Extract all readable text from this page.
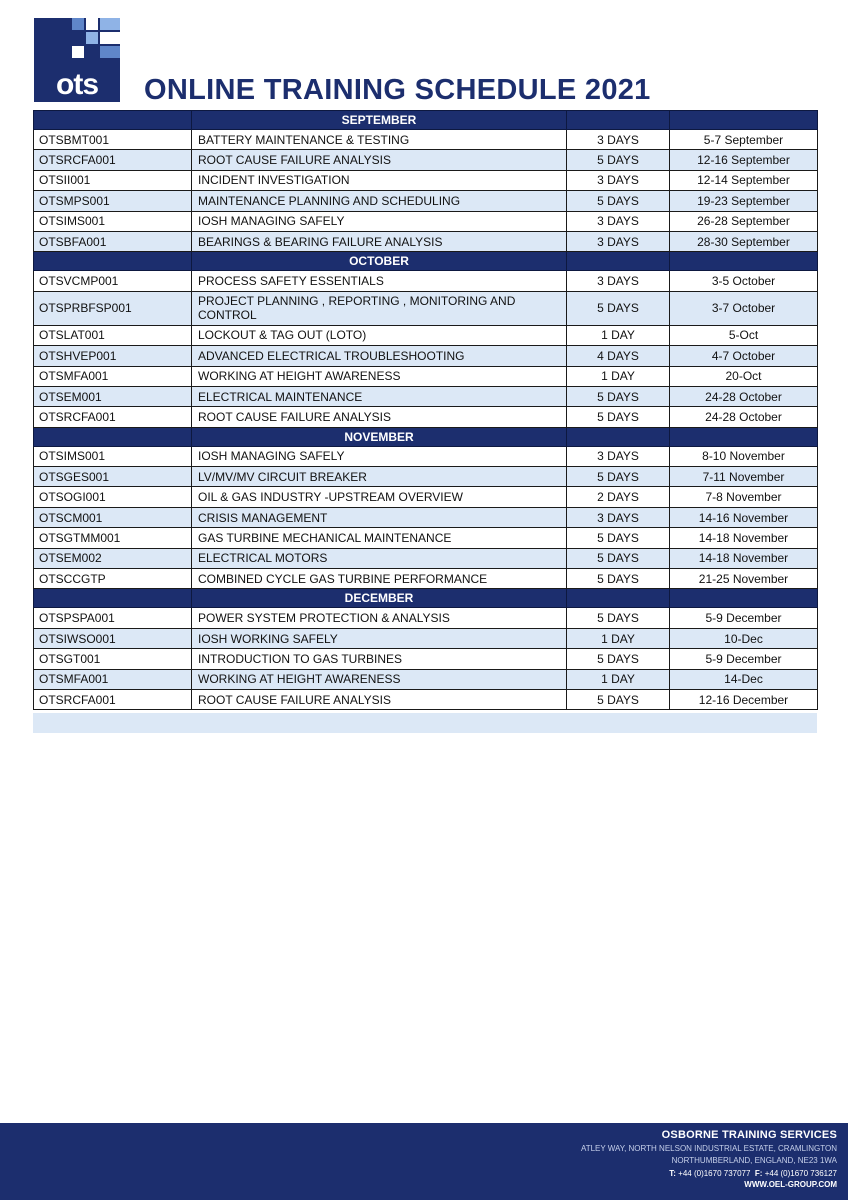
ots	ONLINE TRAINING SCHEDULE 2021
	SEPTEMBER		
OTSBMT001	BATTERY MAINTENANCE & TESTING	3 DAYS	5-7 September
OTSRCFA001	ROOT CAUSE FAILURE ANALYSIS	5 DAYS	12-16 September
OTSII001	INCIDENT INVESTIGATION	3 DAYS	12-14 September
OTSMPS001	MAINTENANCE PLANNING AND SCHEDULING	5 DAYS	19-23 September
OTSIMS001	IOSH MANAGING SAFELY	3 DAYS	26-28 September
OTSBFA001	BEARINGS & BEARING FAILURE ANALYSIS	3 DAYS	28-30 September
	OCTOBER		
OTSVCMP001	PROCESS SAFETY ESSENTIALS	3 DAYS	3-5 October
OTSPRBFSP001	PROJECT PLANNING , REPORTING , MONITORING AND CONTROL	5 DAYS	3-7 October
OTSLAT001	LOCKOUT & TAG OUT (LOTO)	1 DAY	5-Oct
OTSHVEP001	ADVANCED ELECTRICAL TROUBLESHOOTING	4 DAYS	4-7 October
OTSMFA001	WORKING AT HEIGHT AWARENESS	1 DAY	20-Oct
OTSEM001	ELECTRICAL MAINTENANCE	5 DAYS	24-28 October
OTSRCFA001	ROOT CAUSE FAILURE ANALYSIS	5 DAYS	24-28 October
	NOVEMBER		
OTSIMS001	IOSH MANAGING SAFELY	3 DAYS	8-10 November
OTSGES001	LV/MV/MV CIRCUIT BREAKER	5 DAYS	7-11 November
OTSOGI001	OIL & GAS INDUSTRY -UPSTREAM OVERVIEW	2 DAYS	7-8 November
OTSCM001	CRISIS MANAGEMENT	3 DAYS	14-16 November
OTSGTMM001	GAS TURBINE MECHANICAL MAINTENANCE	5 DAYS	14-18 November
OTSEM002	ELECTRICAL MOTORS	5 DAYS	14-18 November
OTSCCGTP	COMBINED CYCLE GAS TURBINE PERFORMANCE	5 DAYS	21-25 November
	DECEMBER		
OTSPSPA001	POWER SYSTEM PROTECTION & ANALYSIS	5 DAYS	5-9 December
OTSIWSO001	IOSH WORKING SAFELY	1 DAY	10-Dec
OTSGT001	INTRODUCTION TO GAS TURBINES	5 DAYS	5-9 December
OTSMFA001	WORKING AT HEIGHT AWARENESS	1 DAY	14-Dec
OTSRCFA001	ROOT CAUSE FAILURE ANALYSIS	5 DAYS	12-16 December
OSBORNE TRAINING SERVICES
ATLEY WAY, NORTH NELSON INDUSTRIAL ESTATE, CRAMLINGTON
NORTHUMBERLAND, ENGLAND, NE23 1WA
T: +44 (0)1670 737077 F: +44 (0)1670 736127
WWW.OEL-GROUP.COM
